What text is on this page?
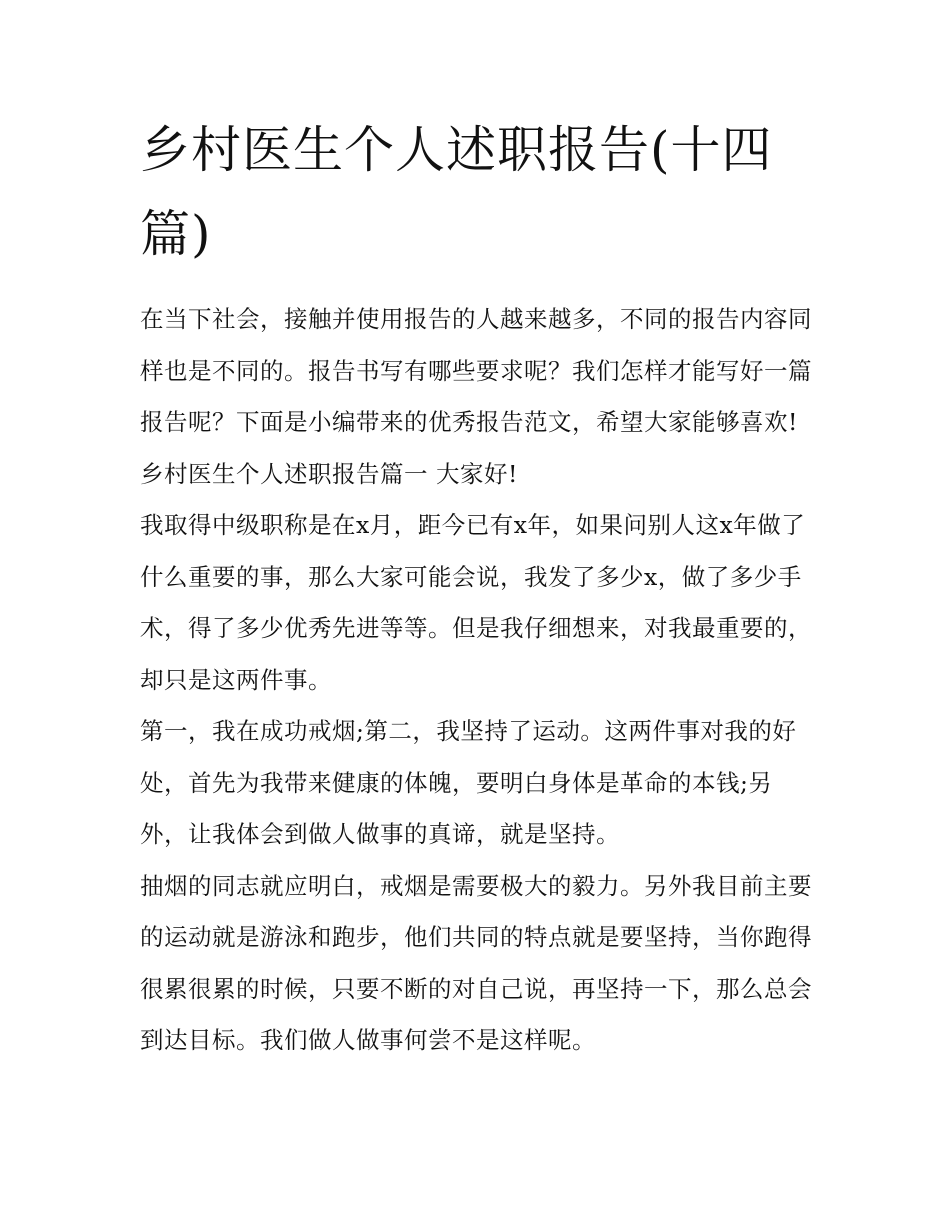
乡村医生个人述职报告(十四篇)

在当下社会，接触并使用报告的人越来越多，不同的报告内容同样也是不同的。报告书写有哪些要求呢？我们怎样才能写好一篇报告呢？下面是小编带来的优秀报告范文，希望大家能够喜欢!

乡村医生个人述职报告篇一 大家好!

我取得中级职称是在x月，距今已有x年，如果问别人这x年做了什么重要的事，那么大家可能会说，我发了多少x，做了多少手术，得了多少优秀先进等等。但是我仔细想来，对我最重要的，却只是这两件事。

第一，我在成功戒烟;第二，我坚持了运动。这两件事对我的好处，首先为我带来健康的体魄，要明白身体是革命的本钱;另外，让我体会到做人做事的真谛，就是坚持。

抽烟的同志就应明白，戒烟是需要极大的毅力。另外我目前主要的运动就是游泳和跑步，他们共同的特点就是要坚持，当你跑得很累很累的时候，只要不断的对自己说，再坚持一下，那么总会到达目标。我们做人做事何尝不是这样呢。
